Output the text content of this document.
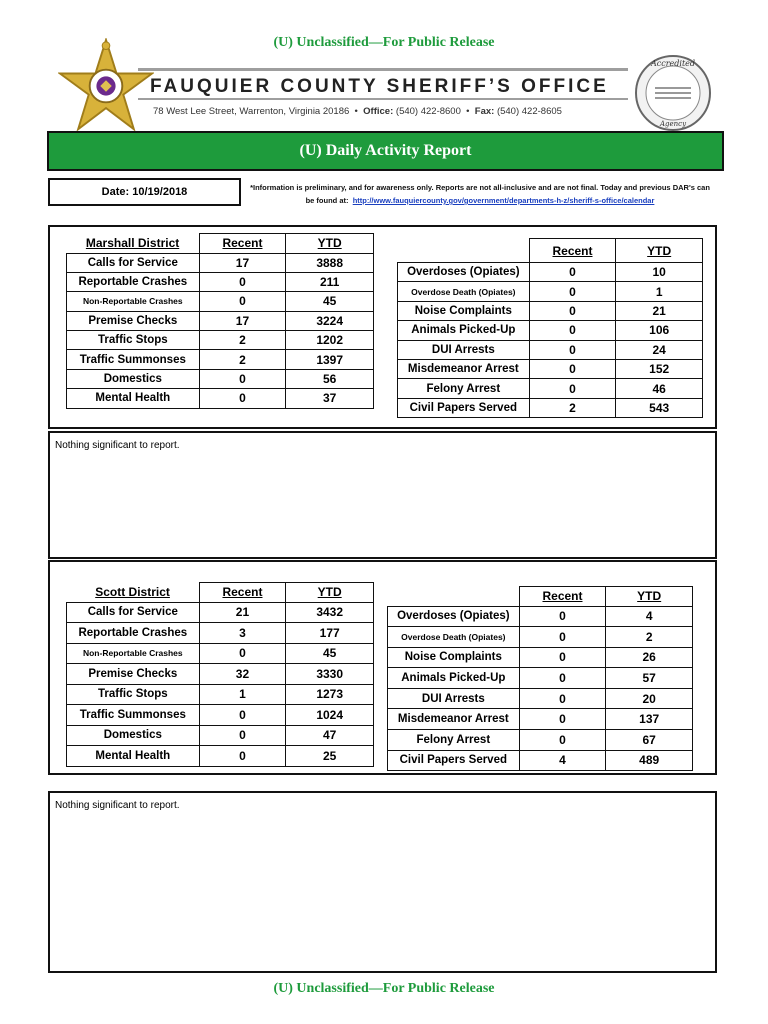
(U) Unclassified—For Public Release
FAUQUIER COUNTY SHERIFF’S OFFICE
78 West Lee Street, Warrenton, Virginia 20186  •  Office: (540) 422-8600  •  Fax: (540) 422-8605
Accredited
Agency
(U) Daily Activity Report
Date:
10/19/2018	*Information is preliminary, and for awareness only. Reports are not all-inclusive and are not final. Today and previous DAR's can
be found at: http://www.fauquiercounty.gov/government/departments-h-z/sheriff-s-office/calendar
Marshall District	Recent	YTD
Calls for Service	17	3888
Reportable Crashes	0	211
Non-Reportable Crashes	0	45
Premise Checks	17	3224
Traffic Stops	2	1202
Traffic Summonses	2	1397
Domestics	0	56
Mental Health	0	37
	Recent	YTD
Overdoses (Opiates)	0	10
Overdose Death (Opiates)	0	1
Noise Complaints	0	21
Animals Picked-Up	0	106
DUI Arrests	0	24
Misdemeanor Arrest	0	152
Felony Arrest	0	46
Civil Papers Served	2	543
Nothing significant to report.
Scott District	Recent	YTD
Calls for Service	21	3432
Reportable Crashes	3	177
Non-Reportable Crashes	0	45
Premise Checks	32	3330
Traffic Stops	1	1273
Traffic Summonses	0	1024
Domestics	0	47
Mental Health	0	25
	Recent	YTD
Overdoses (Opiates)	0	4
Overdose Death (Opiates)	0	2
Noise Complaints	0	26
Animals Picked-Up	0	57
DUI Arrests	0	20
Misdemeanor Arrest	0	137
Felony Arrest	0	67
Civil Papers Served	4	489
Nothing significant to report.
(U) Unclassified—For Public Release
